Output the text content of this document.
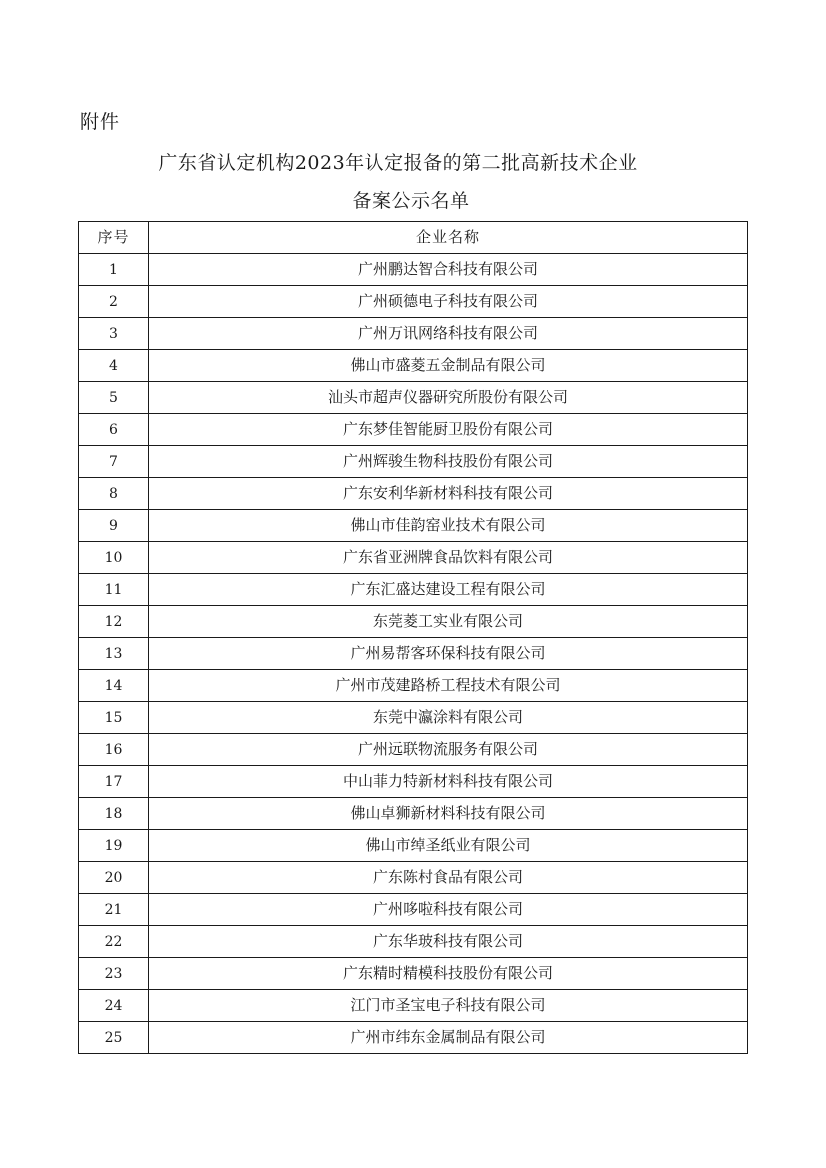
附件
广东省认定机构2023年认定报备的第二批高新技术企业
备案公示名单
序号	企业名称
1	广州鹏达智合科技有限公司
2	广州硕德电子科技有限公司
3	广州万讯网络科技有限公司
4	佛山市盛菱五金制品有限公司
5	汕头市超声仪器研究所股份有限公司
6	广东梦佳智能厨卫股份有限公司
7	广州辉骏生物科技股份有限公司
8	广东安利华新材料科技有限公司
9	佛山市佳韵窑业技术有限公司
10	广东省亚洲牌食品饮料有限公司
11	广东汇盛达建设工程有限公司
12	东莞菱工实业有限公司
13	广州易帮客环保科技有限公司
14	广州市茂建路桥工程技术有限公司
15	东莞中瀛涂料有限公司
16	广州远联物流服务有限公司
17	中山菲力特新材料科技有限公司
18	佛山卓狮新材料科技有限公司
19	佛山市绰圣纸业有限公司
20	广东陈村食品有限公司
21	广州哆啦科技有限公司
22	广东华玻科技有限公司
23	广东精时精模科技股份有限公司
24	江门市圣宝电子科技有限公司
25	广州市纬东金属制品有限公司
